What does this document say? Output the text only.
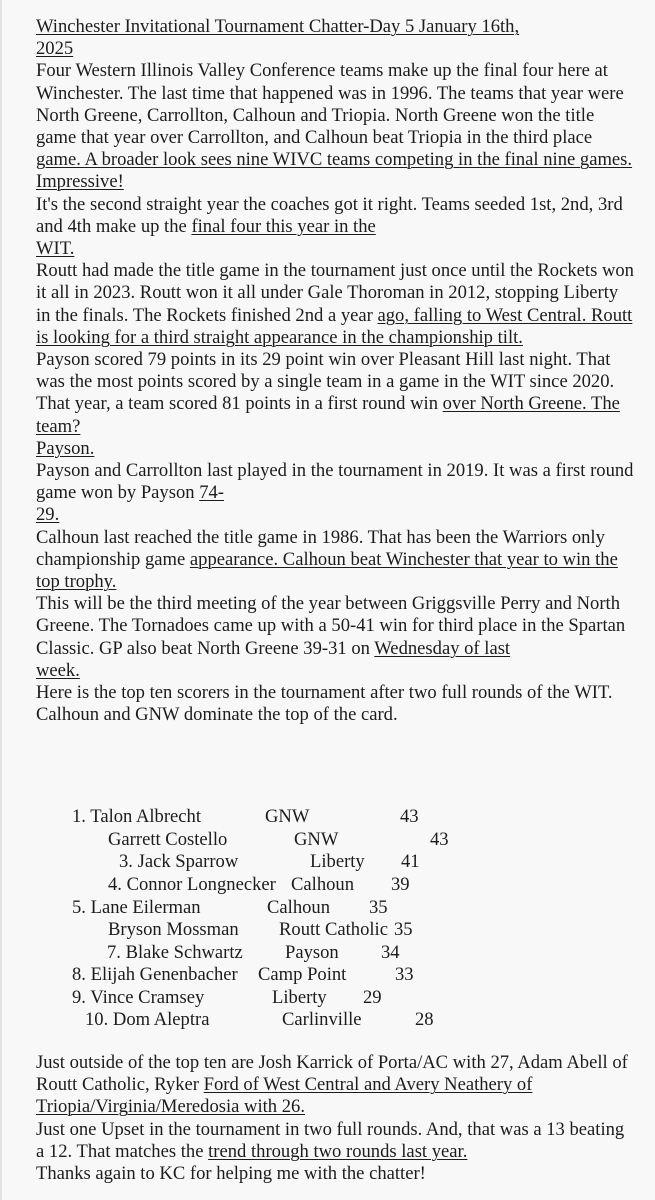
Winchester Invitational Tournament Chatter-Day 5 January 16th,
2025

Four Western Illinois Valley Conference teams make up the final four here at Winchester. The last time that happened was in 1996. The teams that year were North Greene, Carrollton, Calhoun and Triopia. North Greene won the title game that year over Carrollton, and Calhoun beat Triopia in the third place game. A broader look sees nine WIVC teams competing in the final nine games. Impressive!

It's the second straight year the coaches got it right. Teams seeded 1st, 2nd, 3rd and 4th make up the final four this year in the
WIT.

Routt had made the title game in the tournament just once until the Rockets won it all in 2023. Routt won it all under Gale Thoroman in 2012, stopping Liberty in the finals. The Rockets finished 2nd a year ago, falling to West Central. Routt is looking for a third straight appearance in the championship tilt.

Payson scored 79 points in its 29 point win over Pleasant Hill last night. That was the most points scored by a single team in a game in the WIT since 2020. That year, a team scored 81 points in a first round win over North Greene. The team?
Payson.

Payson and Carrollton last played in the tournament in 2019. It was a first round game won by Payson 74-
29.

Calhoun last reached the title game in 1986. That has been the Warriors only championship game appearance. Calhoun beat Winchester that year to win the top trophy.

This will be the third meeting of the year between Griggsville Perry and North Greene. The Tornadoes came up with a 50-41 win for third place in the Spartan Classic. GP also beat North Greene 39-31 on Wednesday of last
week.

Here is the top ten scorers in the tournament after two full rounds of the WIT. Calhoun and GNW dominate the top of the card.

1. Talon Albrecht	GNW	43
Garrett Costello	GNW	43
3. Jack Sparrow	Liberty 41
4. Connor Longnecker Calhoun 39
5. Lane Eilerman	Calhoun 35
Bryson Mossman Routt Catholic 35
7. Blake Schwartz Payson 34
8. Elijah Genenbacher Camp Point	33
9. Vince Cramsey	Liberty 29
10. Dom Aleptra	Carlinville	28

Just outside of the top ten are Josh Karrick of Porta/AC with 27, Adam Abell of Routt Catholic, Ryker Ford of West Central and Avery Neathery of Triopia/Virginia/Meredosia with 26.

Just one Upset in the tournament in two full rounds. And, that was a 13 beating a 12. That matches the trend through two rounds last year.

Thanks again to KC for helping me with the chatter!
